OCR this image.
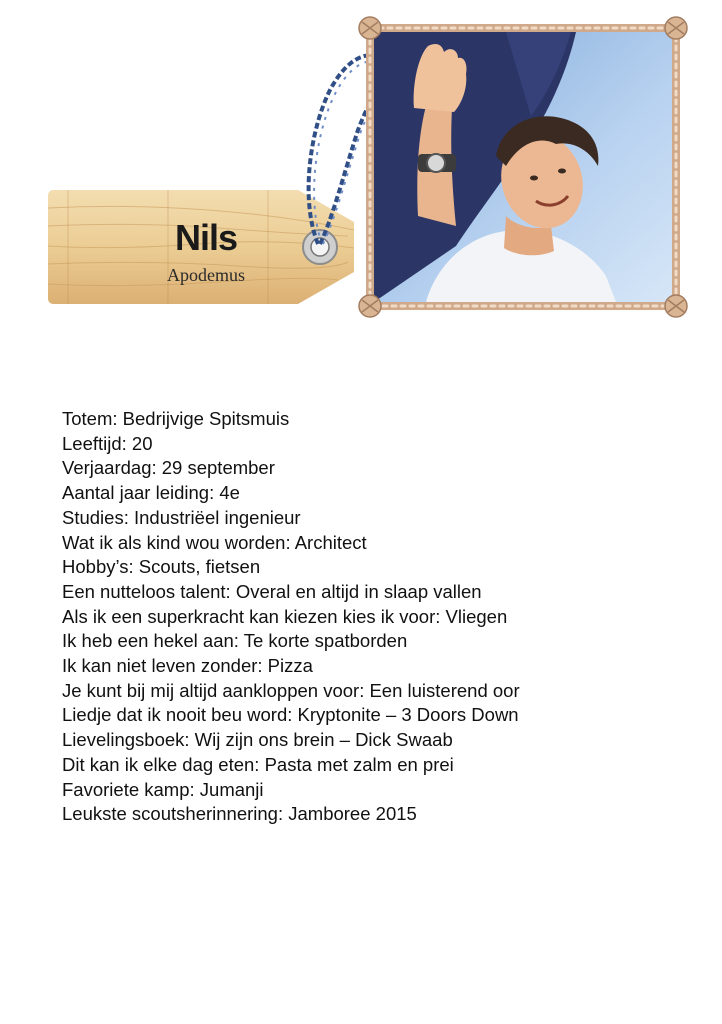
Nils
Apodemus
Totem: Bedrijvige Spitsmuis
Leeftijd: 20
Verjaardag: 29 september
Aantal jaar leiding: 4e
Studies: Industriëel ingenieur
Wat ik als kind wou worden: Architect
Hobby’s: Scouts, fietsen
Een nutteloos talent: Overal en altijd in slaap vallen
Als ik een superkracht kan kiezen kies ik voor: Vliegen
Ik heb een hekel aan: Te korte spatborden
Ik kan niet leven zonder: Pizza
Je kunt bij mij altijd aankloppen voor: Een luisterend oor
Liedje dat ik nooit beu word: Kryptonite – 3 Doors Down
Lievelingsboek: Wij zijn ons brein – Dick Swaab
Dit kan ik elke dag eten: Pasta met zalm en prei
Favoriete kamp: Jumanji
Leukste scoutsherinnering: Jamboree 2015
